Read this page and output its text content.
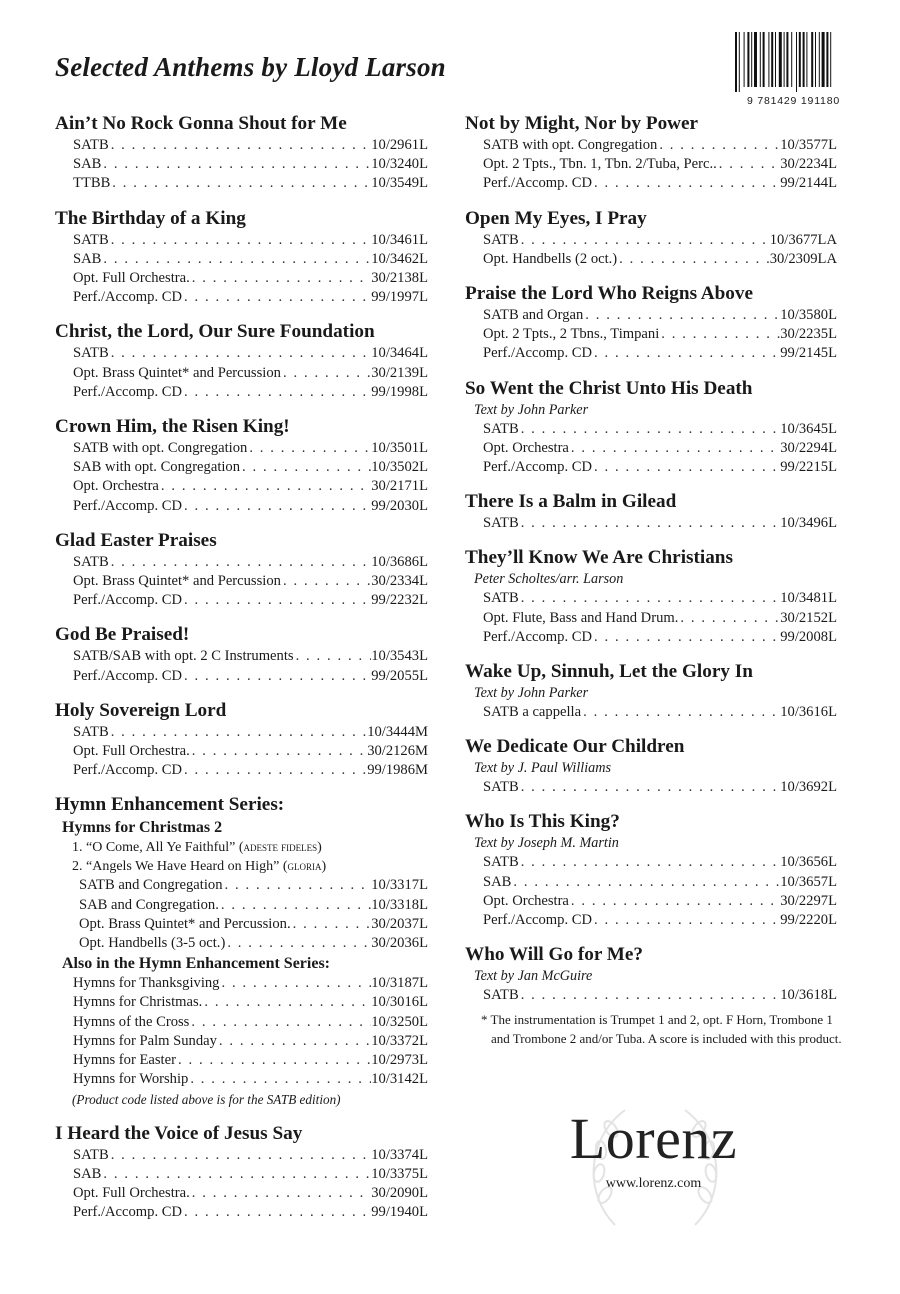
Selected Anthems by Lloyd Larson
9 781429 191180
Ain’t No Rock Gonna Shout for Me
SATB . . .	10/2961L
SAB . . .	10/3240L
TTBB . . .	10/3549L
The Birthday of a King
SATB . . .	10/3461L
SAB . . .	10/3462L
Opt. Full Orchestra. . . .	30/2138L
Perf./Accomp. CD . . .	99/1997L
Christ, the Lord, Our Sure Foundation
SATB . . .	10/3464L
Opt. Brass Quintet* and Percussion . . .	30/2139L
Perf./Accomp. CD . . .	99/1998L
Crown Him, the Risen King!
SATB with opt. Congregation . . .	10/3501L
SAB with opt. Congregation . . .	10/3502L
Opt. Orchestra . . .	30/2171L
Perf./Accomp. CD . . .	99/2030L
Glad Easter Praises
SATB . . .	10/3686L
Opt. Brass Quintet* and Percussion . . .	30/2334L
Perf./Accomp. CD . . .	99/2232L
God Be Praised!
SATB/SAB with opt. 2 C Instruments . . .	10/3543L
Perf./Accomp. CD . . .	99/2055L
Holy Sovereign Lord
SATB . . .	10/3444M
Opt. Full Orchestra. . . .	30/2126M
Perf./Accomp. CD . . .	99/1986M
Hymn Enhancement Series:
Hymns for Christmas 2
1. “O Come, All Ye Faithful” (adeste fideles)
2. “Angels We Have Heard on High” (gloria)
SATB and Congregation . . .	10/3317L
SAB and Congregation. . . .	10/3318L
Opt. Brass Quintet* and Percussion. . . .	30/2037L
Opt. Handbells (3-5 oct.) . . .	30/2036L
Also in the Hymn Enhancement Series:
Hymns for Thanksgiving . . .	10/3187L
Hymns for Christmas. . . .	10/3016L
Hymns of the Cross . . .	10/3250L
Hymns for Palm Sunday . . .	10/3372L
Hymns for Easter . . .	10/2973L
Hymns for Worship . . .	10/3142L
(Product code listed above is for the SATB edition)
I Heard the Voice of Jesus Say
SATB . . .	10/3374L
SAB . . .	10/3375L
Opt. Full Orchestra. . . .	30/2090L
Perf./Accomp. CD . . .	99/1940L
Not by Might, Nor by Power
SATB with opt. Congregation . . .	10/3577L
Opt. 2 Tpts., Tbn. 1, Tbn. 2/Tuba, Perc.. . . .	30/2234L
Perf./Accomp. CD . . .	99/2144L
Open My Eyes, I Pray
SATB . . .	10/3677LA
Opt. Handbells (2 oct.) . . .	30/2309LA
Praise the Lord Who Reigns Above
SATB and Organ . . .	10/3580L
Opt. 2 Tpts., 2 Tbns., Timpani . . .	30/2235L
Perf./Accomp. CD . . .	99/2145L
So Went the Christ Unto His Death
Text by John Parker
SATB . . .	10/3645L
Opt. Orchestra . . .	30/2294L
Perf./Accomp. CD . . .	99/2215L
There Is a Balm in Gilead
SATB . . .	10/3496L
They’ll Know We Are Christians
Peter Scholtes/arr. Larson
SATB . . .	10/3481L
Opt. Flute, Bass and Hand Drum. . . .	30/2152L
Perf./Accomp. CD . . .	99/2008L
Wake Up, Sinnuh, Let the Glory In
Text by John Parker
SATB a cappella . . .	10/3616L
We Dedicate Our Children
Text by J. Paul Williams
SATB . . .	10/3692L
Who Is This King?
Text by Joseph M. Martin
SATB . . .	10/3656L
SAB . . .	10/3657L
Opt. Orchestra . . .	30/2297L
Perf./Accomp. CD . . .	99/2220L
Who Will Go for Me?
Text by Jan McGuire
SATB . . .	10/3618L
* The instrumentation is Trumpet 1 and 2, opt. F Horn, Trombone 1 and Trombone 2 and/or Tuba. A score is included with this product.
Lorenz
www.lorenz.com
